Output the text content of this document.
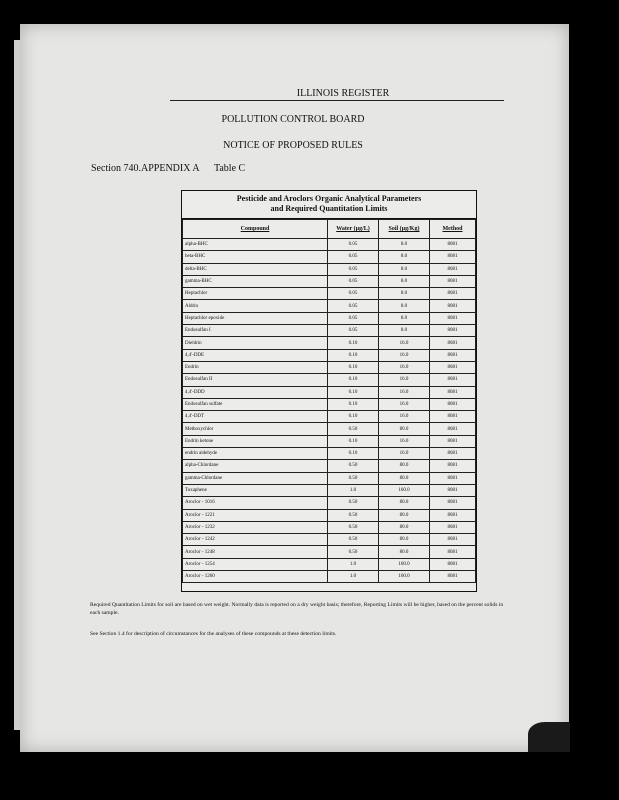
ILLINOIS REGISTER
POLLUTION CONTROL BOARD
NOTICE OF PROPOSED RULES
Section 740.APPENDIX A Table C
Pesticide and Aroclors Organic Analytical Parameters
and Required Quantitation Limits
Compound	Water (µg/L)	Soil (µg/Kg)	Method
alpha-BHC	0.05	8.0	8081
beta-BHC	0.05	8.0	8081
delta-BHC	0.05	8.0	8081
gamma-BHC	0.05	8.0	8081
Heptachlor	0.05	8.0	8081
Aldrin	0.05	8.0	8081
Heptachlor epoxide	0.05	8.0	8081
Endosulfan I	0.05	8.0	8081
Dieldrin	0.10	16.0	8081
4,4'-DDE	0.10	16.0	8081
Endrin	0.10	16.0	8081
Endosulfan II	0.10	16.0	8081
4,4'-DDD	0.10	16.0	8081
Endosulfan sulfate	0.10	16.0	8081
4,4'-DDT	0.10	16.0	8081
Methoxychlor	0.50	80.0	8081
Endrin ketone	0.10	16.0	8081
endrin aldehyde	0.10	16.0	8081
alpha-Chlordane	0.50	80.0	8081
gamma-Chlordane	0.50	80.0	8081
Toxaphene	1.0	160.0	8081
Aroclor - 1016	0.50	80.0	8081
Aroclor - 1221	0.50	80.0	8081
Aroclor - 1232	0.50	80.0	8081
Aroclor - 1242	0.50	80.0	8081
Aroclor - 1248	0.50	80.0	8081
Aroclor - 1254	1.0	160.0	8081
Aroclor - 1260	1.0	160.0	8081
Required Quantitation Limits for soil are based on wet weight. Normally data is reported on a dry weight basis; therefore, Reporting Limits will be higher, based on the percent solids in each sample.
See Section 1.4 for description of circumstances for the analyses of these compounds at these detection limits.
